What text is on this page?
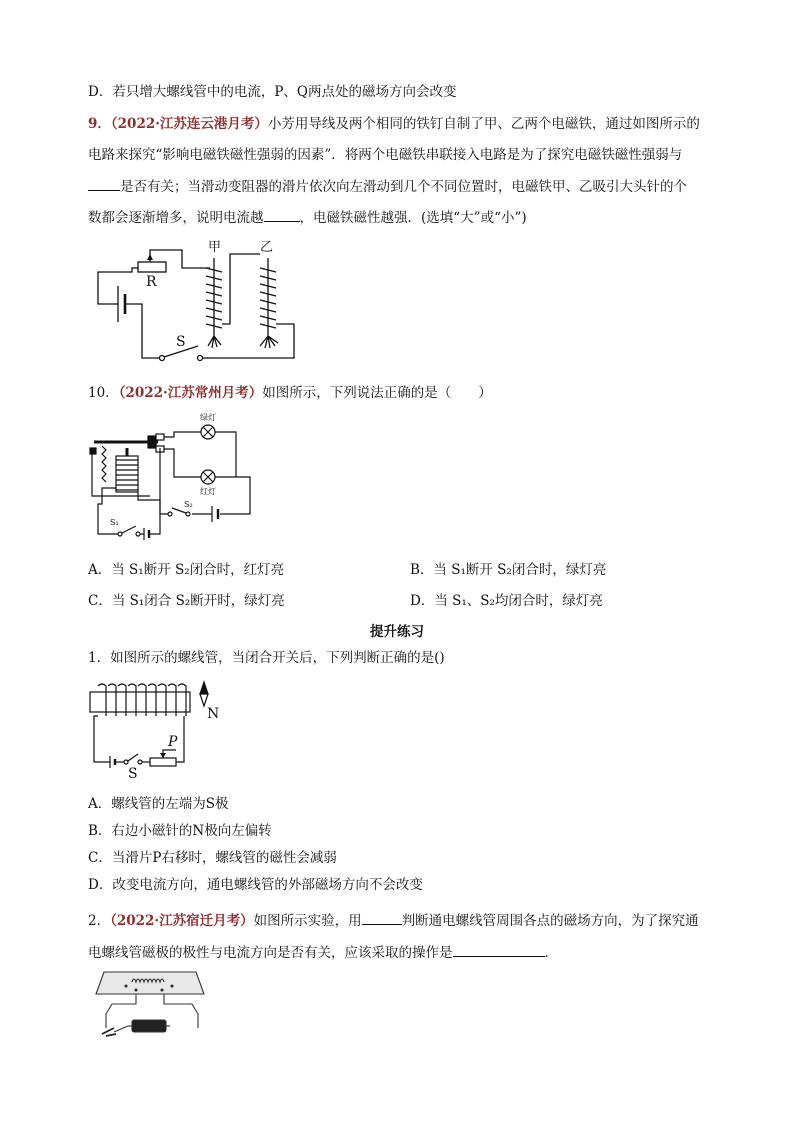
D．若只增大螺线管中的电流，P、Q两点处的磁场方向会改变
9．（2022·江苏连云港月考）小芳用导线及两个相同的铁钉自制了甲、乙两个电磁铁，通过如图所示的
电路来探究“影响电磁铁磁性强弱的因素”．将两个电磁铁串联接入电路是为了探究电磁铁磁性强弱与
是否有关；当滑动变阻器的滑片依次向左滑动到几个不同位置时，电磁铁甲、乙吸引大头针的个
数都会逐渐增多，说明电流越	，电磁铁磁性越强．(选填“大”或“小”)
甲	乙
R
S
10．（2022·江苏常州月考）如图所示，下列说法正确的是（　　）
绿灯
红灯
S₁
S₂
A．当 S₁断开 S₂闭合时，红灯亮	B．当 S₁断开 S₂闭合时，绿灯亮
C．当 S₁闭合 S₂断开时，绿灯亮	D．当 S₁、S₂均闭合时，绿灯亮
提升练习
1．如图所示的螺线管，当闭合开关后，下列判断正确的是()
N
S
P
A．螺线管的左端为S极
B．右边小磁针的N极向左偏转
C．当滑片P右移时，螺线管的磁性会减弱
D．改变电流方向，通电螺线管的外部磁场方向不会改变
2．（2022·江苏宿迁月考）如图所示实验，用	判断通电螺线管周围各点的磁场方向，为了探究通
电螺线管磁极的极性与电流方向是否有关，应该采取的操作是	．
